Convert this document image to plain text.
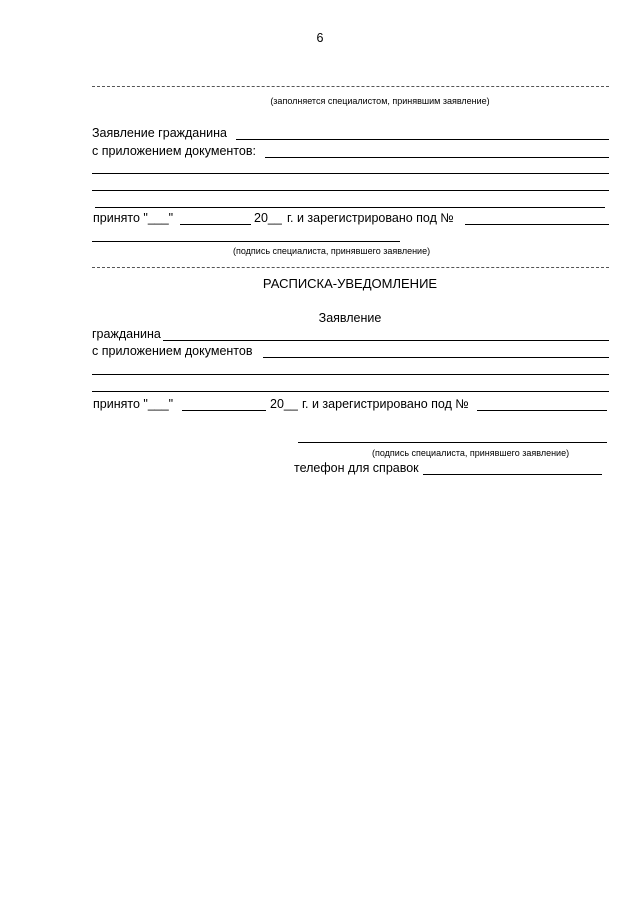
6
(заполняется специалистом, принявшим заявление)
Заявление гражданина
с приложением документов:
принято "___"	20__ г. и зарегистрировано под №
(подпись специалиста, принявшего заявление)
РАСПИСКА-УВЕДОМЛЕНИЕ
Заявление
гражданина
с приложением документов
принято "___"	20__ г. и зарегистрировано под №
(подпись специалиста, принявшего заявление)
телефон для справок
